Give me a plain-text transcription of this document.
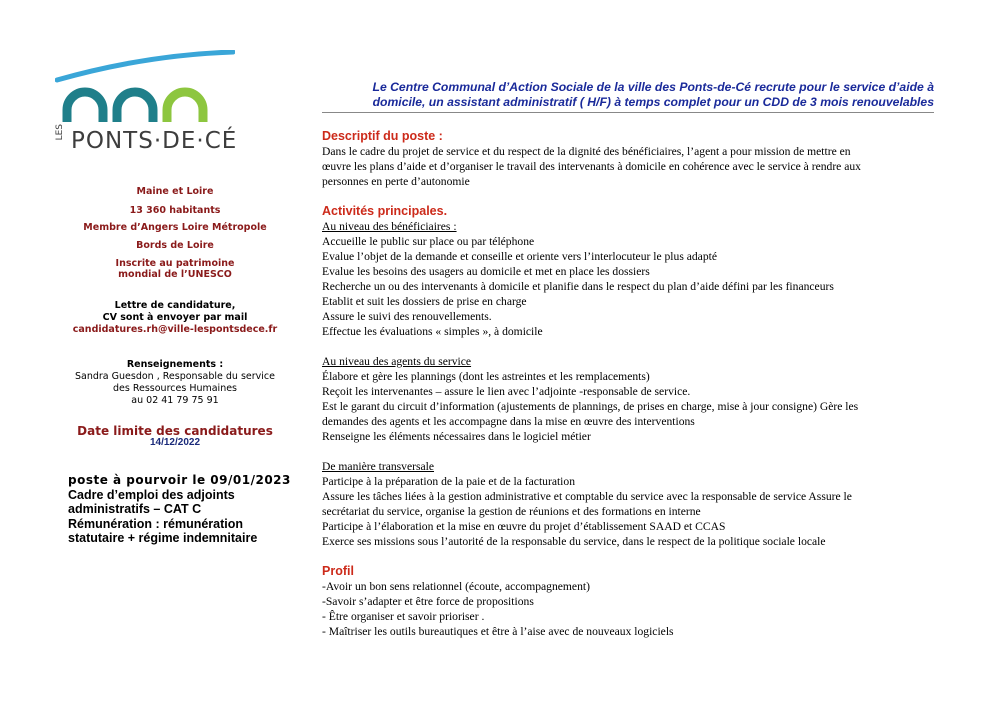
LES PONTS·DE·CÉ
Maine et Loire
13 360 habitants
Membre d’Angers Loire Métropole
Bords de Loire
Inscrite au patrimoine
mondial de l’UNESCO
Lettre de candidature,
CV sont à envoyer par mail
candidatures.rh@ville-lespontsdece.fr
Renseignements :
Sandra Guesdon , Responsable du service
des Ressources Humaines
au 02 41 79 75 91
Date limite des candidatures
14/12/2022
poste à pourvoir le 09/01/2023
Cadre d’emploi des adjoints
administratifs – CAT C
Rémunération : rémunération
statutaire + régime indemnitaire
Le Centre Communal d’Action Sociale de la ville des Ponts-de-Cé recrute pour le service d’aide à
domicile, un assistant administratif ( H/F) à temps complet pour un CDD de 3 mois renouvelables
Descriptif du poste :
Dans le cadre du projet de service et du respect de la dignité des bénéficiaires, l’agent a pour mission de mettre en
œuvre les plans d’aide et d’organiser le travail des intervenants à domicile en cohérence avec le service à rendre aux
personnes en perte d’autonomie
Activités principales.
Au niveau des bénéficiaires :
Accueille le public sur place ou par téléphone
Evalue l’objet de la demande et conseille et oriente vers l’interlocuteur le plus adapté
Evalue les besoins des usagers au domicile et met en place les dossiers
Recherche un ou des intervenants à domicile et planifie dans le respect du plan d’aide défini par les financeurs
Etablit et suit les dossiers de prise en charge
Assure le suivi des renouvellements.
Effectue les évaluations « simples », à domicile
Au niveau des agents du service
Élabore et gère les plannings (dont les astreintes et les remplacements)
Reçoit les intervenantes – assure le lien avec l’adjointe -responsable de service.
Est le garant du circuit d’information (ajustements de plannings, de prises en charge, mise à jour consigne) Gère les
demandes des agents et les accompagne dans la mise en œuvre des interventions
Renseigne les éléments nécessaires dans le logiciel métier
De manière transversale
Participe à la préparation de la paie et de la facturation
Assure les tâches liées à la gestion administrative et comptable du service avec la responsable de service Assure le
secrétariat du service, organise la gestion de réunions et des formations en interne
Participe à l’élaboration et la mise en œuvre du projet d’établissement SAAD et CCAS
Exerce ses missions sous l’autorité de la responsable du service, dans le respect de la politique sociale locale
Profil
-Avoir un bon sens relationnel (écoute, accompagnement)
-Savoir s’adapter et être force de propositions
- Être organiser et savoir prioriser .
- Maîtriser les outils bureautiques et être à l’aise avec de nouveaux logiciels
